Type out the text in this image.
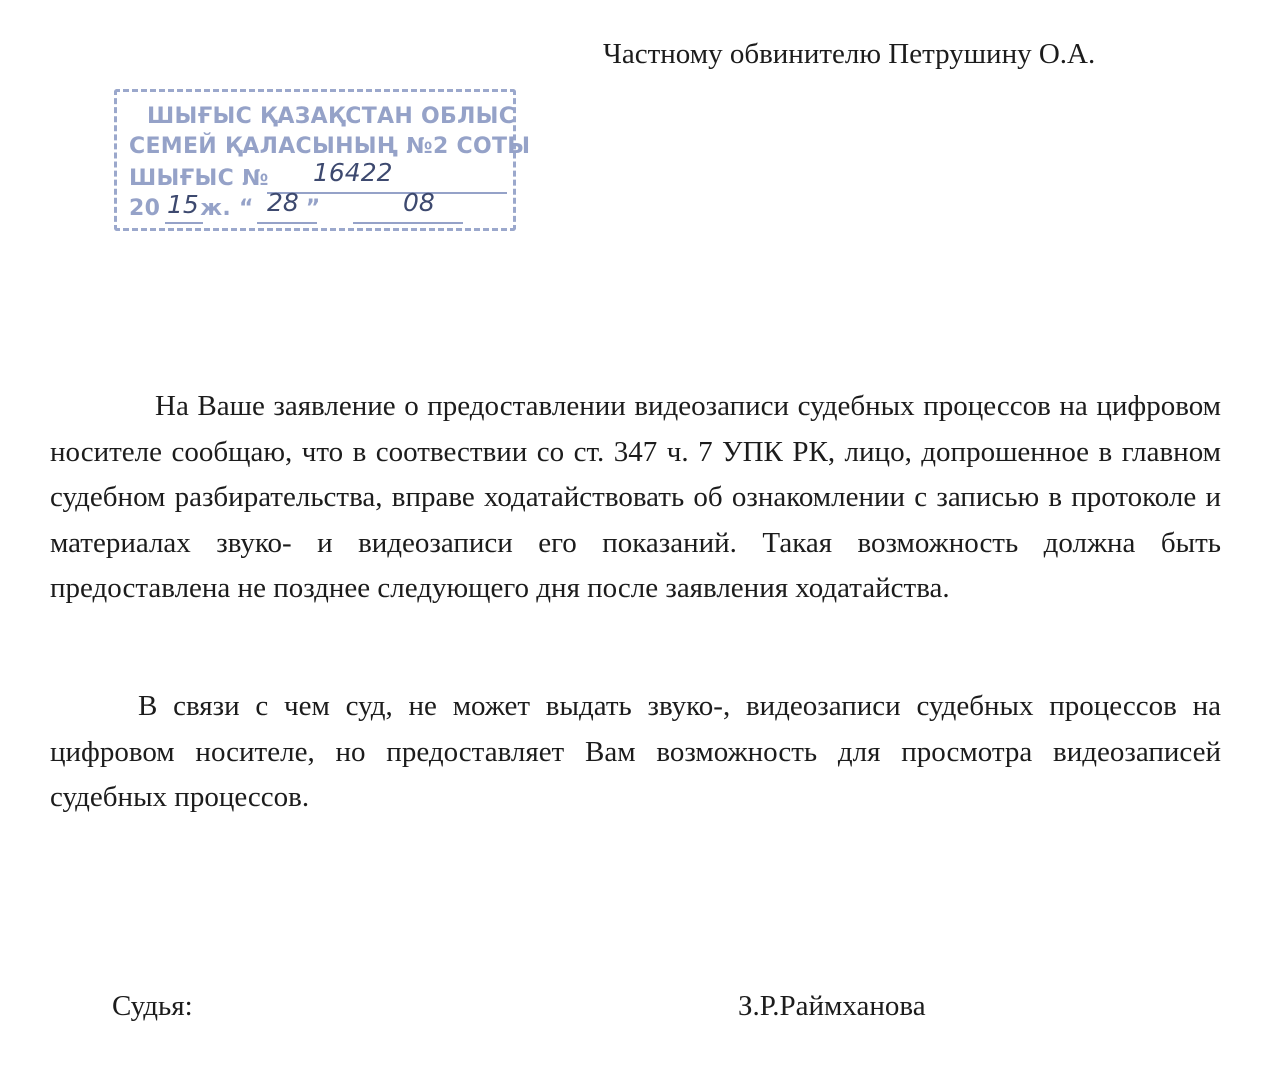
Частному обвинителю Петрушину О.А.
ШЫҒЫС ҚАЗАҚСТАН ОБЛЫС
СЕМЕЙ ҚАЛАСЫНЫҢ №2 СОТЫ
ШЫҒЫС № 16422
20 ж. “ ”
15	28	08

На Ваше заявление о предоставлении видеозаписи судебных процессов на цифровом носителе сообщаю, что в соотвествии со ст. 347 ч. 7 УПК РК, лицо, допрошенное в главном судебном разбирательства, вправе ходатайствовать об ознакомлении с записью в протоколе и материалах звуко- и видеозаписи его показаний. Такая возможность должна быть предоставлена не позднее следующего дня после заявления ходатайства.

В связи с чем суд, не может выдать звуко-, видеозаписи судебных процессов на цифровом носителе, но предоставляет Вам возможность для просмотра видеозаписей судебных процессов.

Судья:	З.Р.Раймханова
